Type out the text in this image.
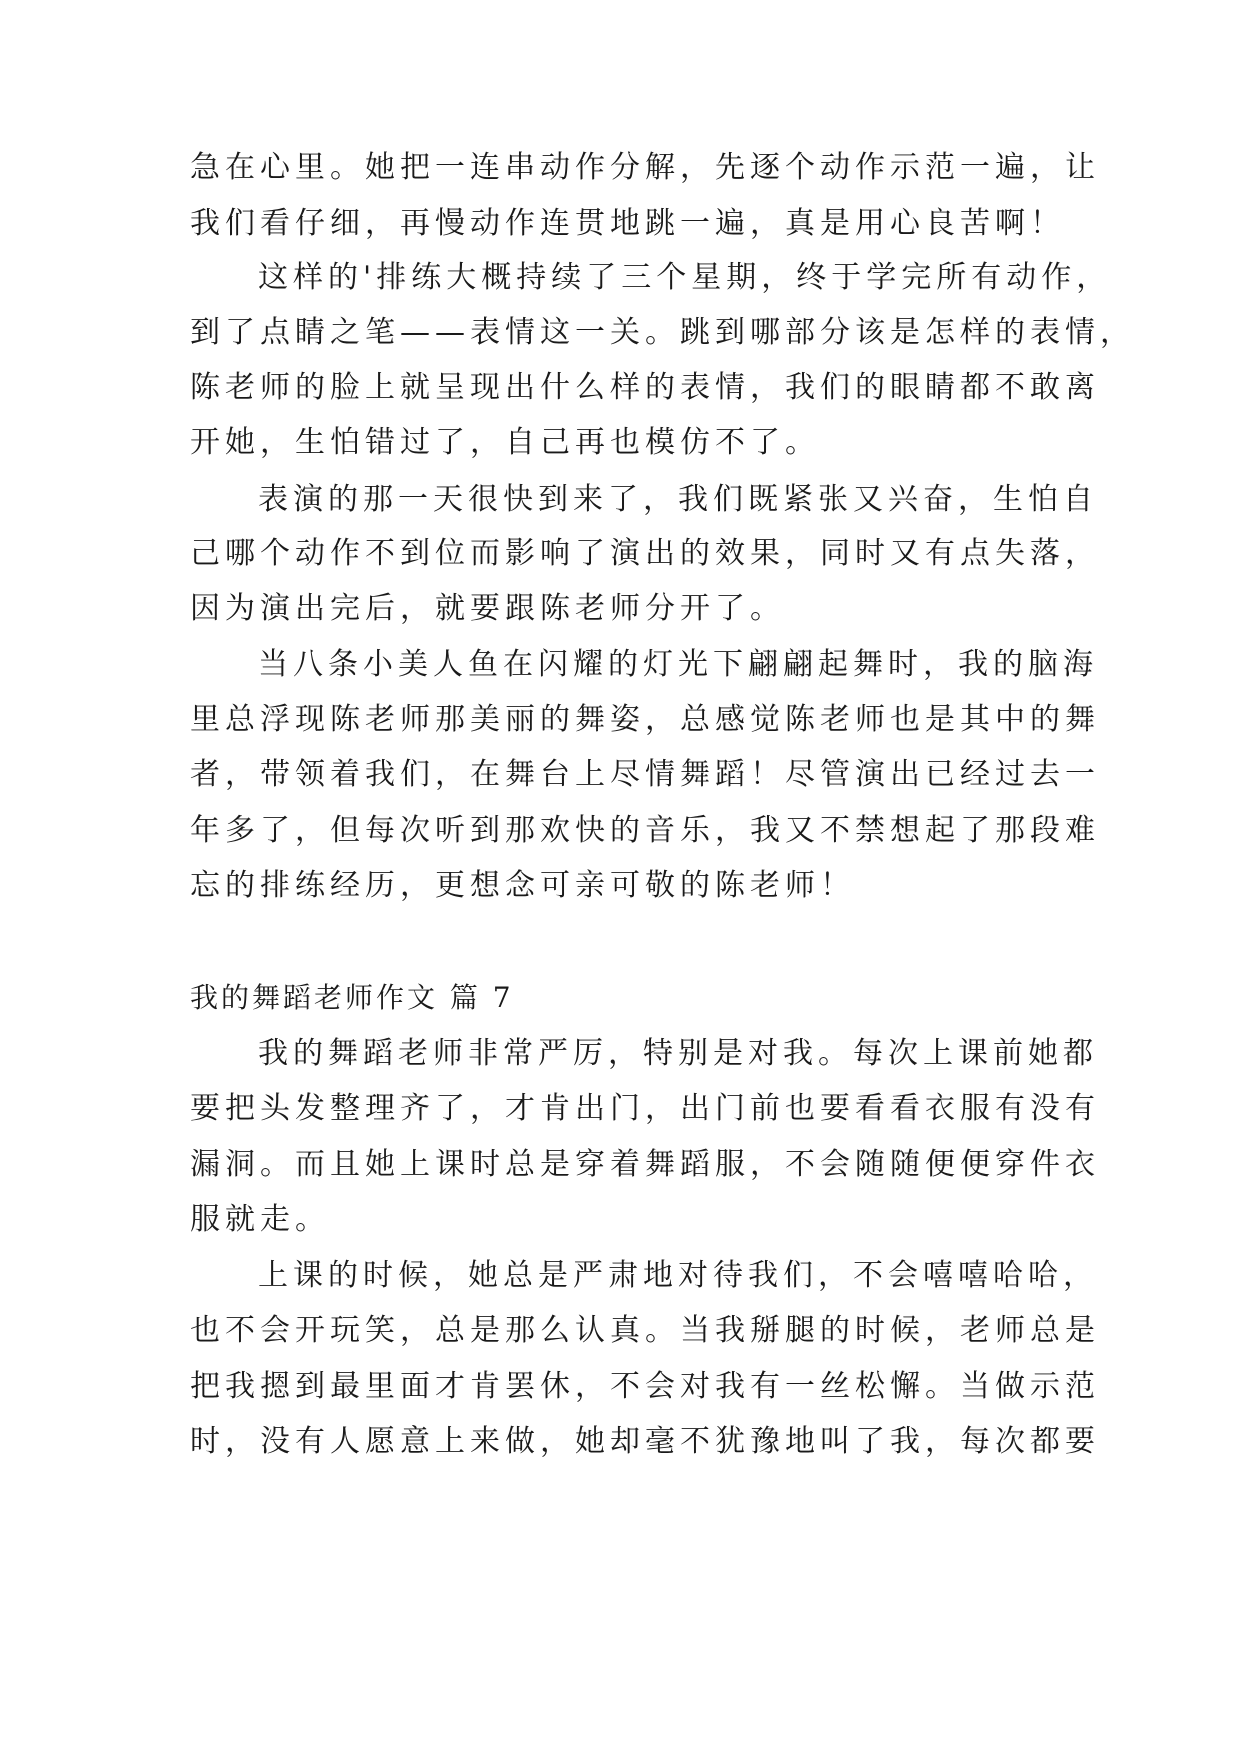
急在心里。她把一连串动作分解，先逐个动作示范一遍，让
我们看仔细，再慢动作连贯地跳一遍，真是用心良苦啊！
这样的'排练大概持续了三个星期，终于学完所有动作，
到了点睛之笔——表情这一关。跳到哪部分该是怎样的表情，
陈老师的脸上就呈现出什么样的表情，我们的眼睛都不敢离
开她，生怕错过了，自己再也模仿不了。
表演的那一天很快到来了，我们既紧张又兴奋，生怕自
己哪个动作不到位而影响了演出的效果，同时又有点失落，
因为演出完后，就要跟陈老师分开了。
当八条小美人鱼在闪耀的灯光下翩翩起舞时，我的脑海
里总浮现陈老师那美丽的舞姿，总感觉陈老师也是其中的舞
者，带领着我们，在舞台上尽情舞蹈！尽管演出已经过去一
年多了，但每次听到那欢快的音乐，我又不禁想起了那段难
忘的排练经历，更想念可亲可敬的陈老师！
我的舞蹈老师作文 篇 7
我的舞蹈老师非常严厉，特别是对我。每次上课前她都
要把头发整理齐了，才肯出门，出门前也要看看衣服有没有
漏洞。而且她上课时总是穿着舞蹈服，不会随随便便穿件衣
服就走。
上课的时候，她总是严肃地对待我们，不会嘻嘻哈哈，
也不会开玩笑，总是那么认真。当我掰腿的时候，老师总是
把我摁到最里面才肯罢休，不会对我有一丝松懈。当做示范
时，没有人愿意上来做，她却毫不犹豫地叫了我，每次都要
